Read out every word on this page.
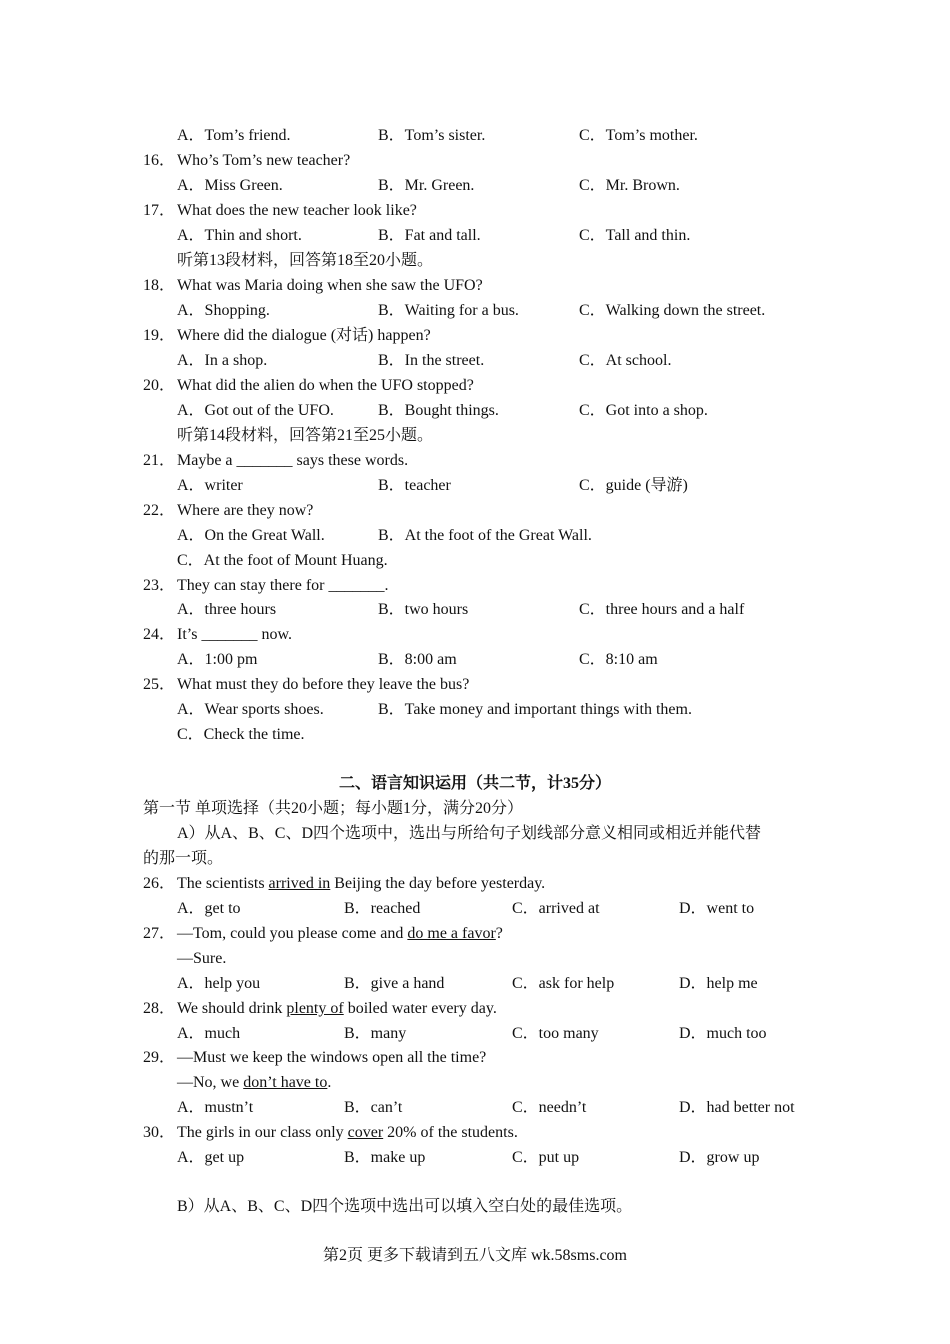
A．Tom’s friend.	B．Tom’s sister.	C．Tom’s mother.
16． Who’s Tom’s new teacher?
A．Miss Green.	B．Mr. Green.	C．Mr. Brown.
17． What does the new teacher look like?
A．Thin and short.	B．Fat and tall.	C．Tall and thin.
听第13段材料，回答第18至20小题。
18． What was Maria doing when she saw the UFO?
A．Shopping.	B．Waiting for a bus.	C．Walking down the street.
19． Where did the dialogue (对话) happen?
A．In a shop.	B．In the street.	C．At school.
20． What did the alien do when the UFO stopped?
A．Got out of the UFO.	B．Bought things.	C．Got into a shop.
听第14段材料，回答第21至25小题。
21． Maybe a _______ says these words.
A．writer	B．teacher	C．guide (导游)
22． Where are they now?
A．On the Great Wall.	B．At the foot of the Great Wall.
C．At the foot of Mount Huang.
23． They can stay there for _______.
A．three hours	B．two hours	C．three hours and a half
24． It’s _______ now.
A．1:00 pm	B．8:00 am	C．8:10 am
25． What must they do before they leave the bus?
A．Wear sports shoes.	B．Take money and important things with them.
C．Check the time.
二、语言知识运用（共二节，计35分）
第一节 单项选择（共20小题；每小题1分，满分20分）
A）从A、B、C、D四个选项中，选出与所给句子划线部分意义相同或相近并能代替
的那一项。
26． The scientists arrived in Beijing the day before yesterday.
A．get to	B．reached	C．arrived at	D．went to
27． —Tom, could you please come and do me a favor?
—Sure.
A．help you	B．give a hand	C．ask for help	D．help me
28． We should drink plenty of boiled water every day.
A．much	B．many	C．too many	D．much too
29． —Must we keep the windows open all the time?
—No, we don’t have to.
A．mustn’t	B．can’t	C．needn’t	D．had better not
30． The girls in our class only cover 20% of the students.
A．get up	B．make up	C．put up	D．grow up
B）从A、B、C、D四个选项中选出可以填入空白处的最佳选项。
第2页 更多下载请到五八文库 wk.58sms.com
